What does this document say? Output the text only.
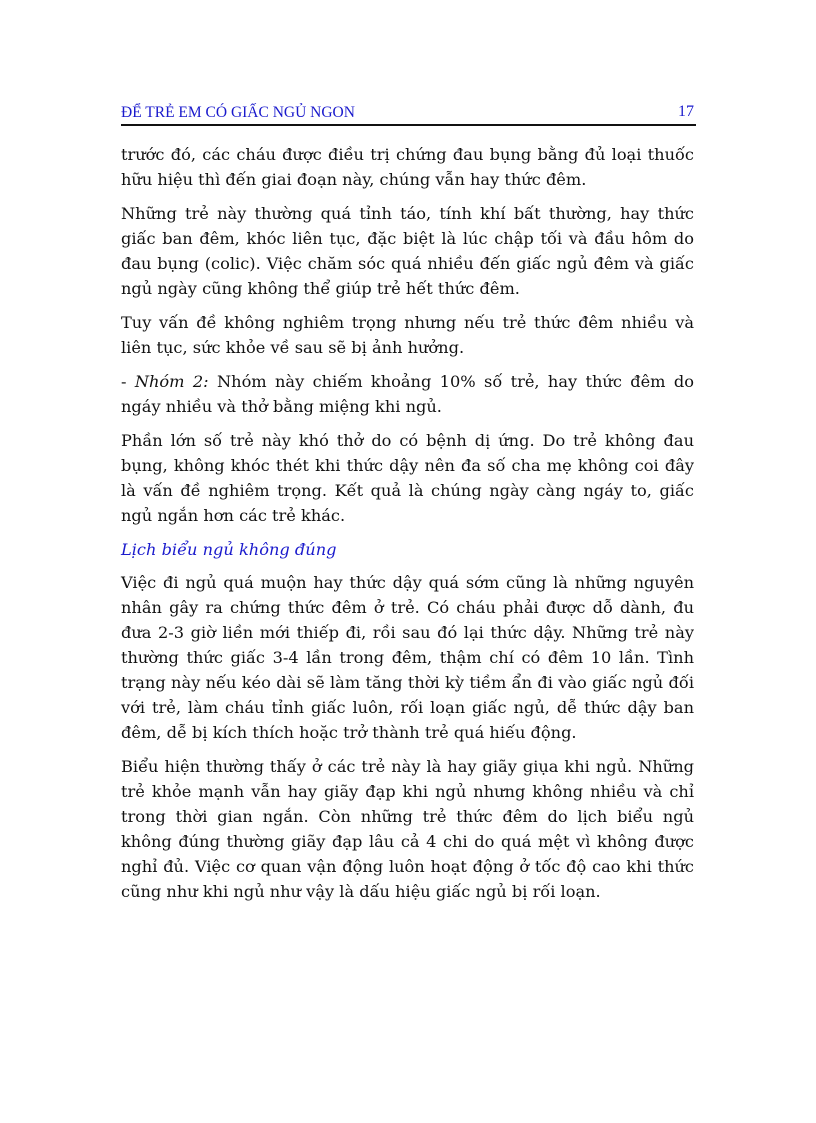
ĐỂ TRẺ EM CÓ GIẤC NGỦ NGON	17

trước đó, các cháu được điều trị chứng đau bụng bằng đủ loại thuốc hữu hiệu thì đến giai đoạn này, chúng vẫn hay thức đêm.

Những trẻ này thường quá tỉnh táo, tính khí bất thường, hay thức giấc ban đêm, khóc liên tục, đặc biệt là lúc chập tối và đầu hôm do đau bụng (colic). Việc chăm sóc quá nhiều đến giấc ngủ đêm và giấc ngủ ngày cũng không thể giúp trẻ hết thức đêm.

Tuy vấn đề không nghiêm trọng nhưng nếu trẻ thức đêm nhiều và liên tục, sức khỏe về sau sẽ bị ảnh hưởng.

- Nhóm 2: Nhóm này chiếm khoảng 10% số trẻ, hay thức đêm do ngáy nhiều và thở bằng miệng khi ngủ.

Phần lớn số trẻ này khó thở do có bệnh dị ứng. Do trẻ không đau bụng, không khóc thét khi thức dậy nên đa số cha mẹ không coi đây là vấn đề nghiêm trọng. Kết quả là chúng ngày càng ngáy to, giấc ngủ ngắn hơn các trẻ khác.

Lịch biểu ngủ không đúng

Việc đi ngủ quá muộn hay thức dậy quá sớm cũng là những nguyên nhân gây ra chứng thức đêm ở trẻ. Có cháu phải được dỗ dành, đu đưa 2-3 giờ liền mới thiếp đi, rồi sau đó lại thức dậy. Những trẻ này thường thức giấc 3-4 lần trong đêm, thậm chí có đêm 10 lần. Tình trạng này nếu kéo dài sẽ làm tăng thời kỳ tiềm ẩn đi vào giấc ngủ đối với trẻ, làm cháu tỉnh giấc luôn, rối loạn giấc ngủ, dễ thức dậy ban đêm, dễ bị kích thích hoặc trở thành trẻ quá hiếu động.

Biểu hiện thường thấy ở các trẻ này là hay giãy giụa khi ngủ. Những trẻ khỏe mạnh vẫn hay giãy đạp khi ngủ nhưng không nhiều và chỉ trong thời gian ngắn. Còn những trẻ thức đêm do lịch biểu ngủ không đúng thường giãy đạp lâu cả 4 chi do quá mệt vì không được nghỉ đủ. Việc cơ quan vận động luôn hoạt động ở tốc độ cao khi thức cũng như khi ngủ như vậy là dấu hiệu giấc ngủ bị rối loạn.
